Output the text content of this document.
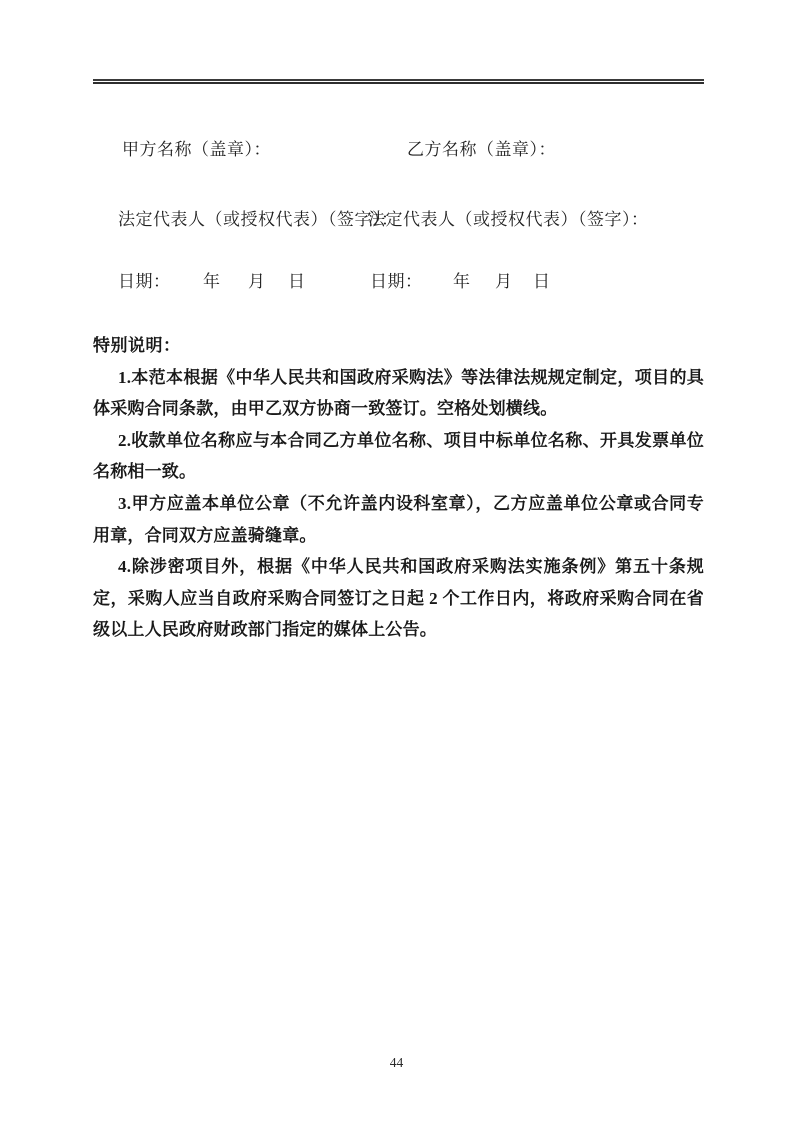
甲方名称（盖章）：	乙方名称（盖章）：
法定代表人（或授权代表）（签字）：
法定代表人（或授权代表）（签字）：
日期： 年 月 日	日期： 年 月 日

特别说明：

1.本范本根据《中华人民共和国政府采购法》等法律法规规定制定，项目的具体采购合同条款，由甲乙双方协商一致签订。空格处划横线。

2.收款单位名称应与本合同乙方单位名称、项目中标单位名称、开具发票单位名称相一致。

3.甲方应盖本单位公章（不允许盖内设科室章），乙方应盖单位公章或合同专用章，合同双方应盖骑缝章。

4.除涉密项目外，根据《中华人民共和国政府采购法实施条例》第五十条规定，采购人应当自政府采购合同签订之日起 2 个工作日内，将政府采购合同在省级以上人民政府财政部门指定的媒体上公告。

44
